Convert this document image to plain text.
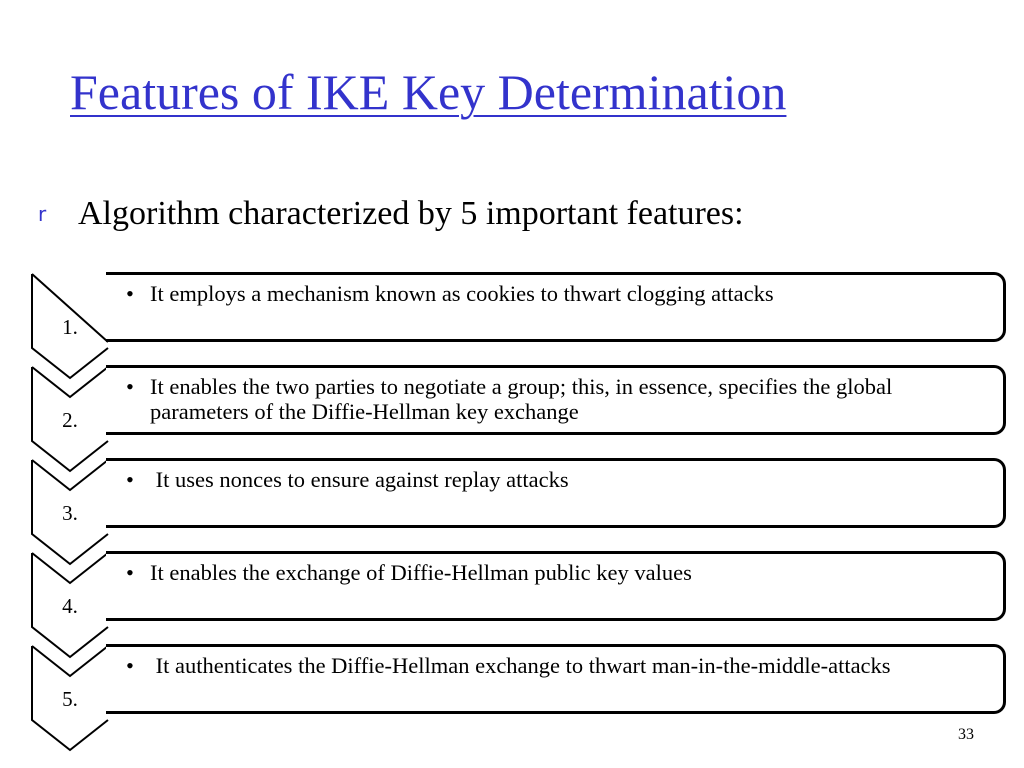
Features of IKE Key Determination
r Algorithm characterized by 5 important features:
1.
• It employs a mechanism known as cookies to thwart clogging attacks
2.
• It enables the two parties to negotiate a group; this, in essence, specifies the global parameters of the Diffie-Hellman key exchange
3.
• It uses nonces to ensure against replay attacks
4.
• It enables the exchange of Diffie-Hellman public key values
5.
• It authenticates the Diffie-Hellman exchange to thwart man-in-the-middle-attacks
33
